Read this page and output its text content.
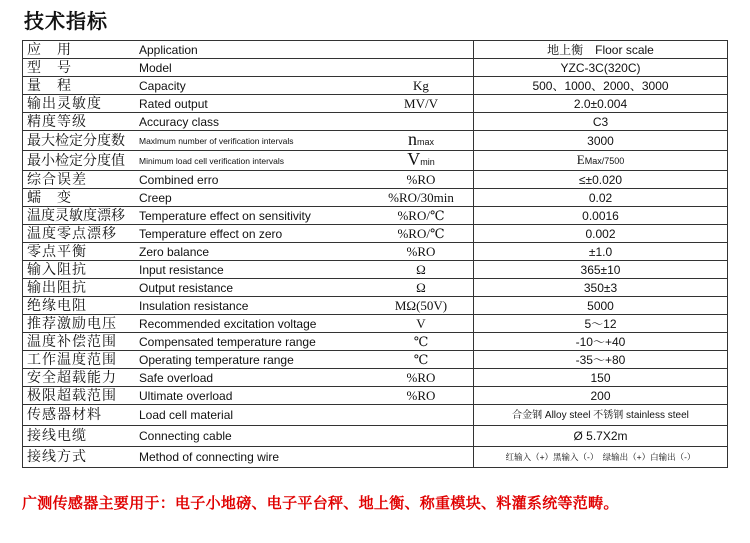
技术指标
应　用	Application		地上衡　Floor scale
型　号	Model		YZC-3C(320C)
量　程	Capacity	Kg	500、1000、2000、3000
输出灵敏度	Rated output	MV/V	2.0±0.004
精度等级	Accuracy class		C3
最大检定分度数	Maxlmum number of verification intervals	nmax	3000
最小检定分度值	Minimum load cell verification intervals	Vmin	EMax/7500
综合误差	Combined erro	%RO	≤±0.020
蠕　变	Creep	%RO/30min	0.02
温度灵敏度漂移	Temperature effect on sensitivity	%RO/℃	0.0016
温度零点漂移	Temperature effect on zero	%RO/℃	0.002
零点平衡	Zero balance	%RO	±1.0
输入阻抗	Input resistance	Ω	365±10
输出阻抗	Output resistance	Ω	350±3
绝缘电阻	Insulation resistance	MΩ(50V)	5000
推荐激励电压	Recommended excitation voltage	V	5～12
温度补偿范围	Compensated temperature range	℃	-10～+40
工作温度范围	Operating temperature range	℃	-35～+80
安全超载能力	Safe overload	%RO	150
极限超载范围	Ultimate overload	%RO	200
传感器材料	Load cell material		合金钢 Alloy steel 不锈钢 stainless steel
接线电缆	Connecting cable		Ø 5.7X2m
接线方式	Method of connecting wire		红输入（+）黑输入（-）　绿输出（+）白输出（-）
广测传感器主要用于：电子小地磅、电子平台秤、地上衡、称重模块、料灌系统等范畴。
